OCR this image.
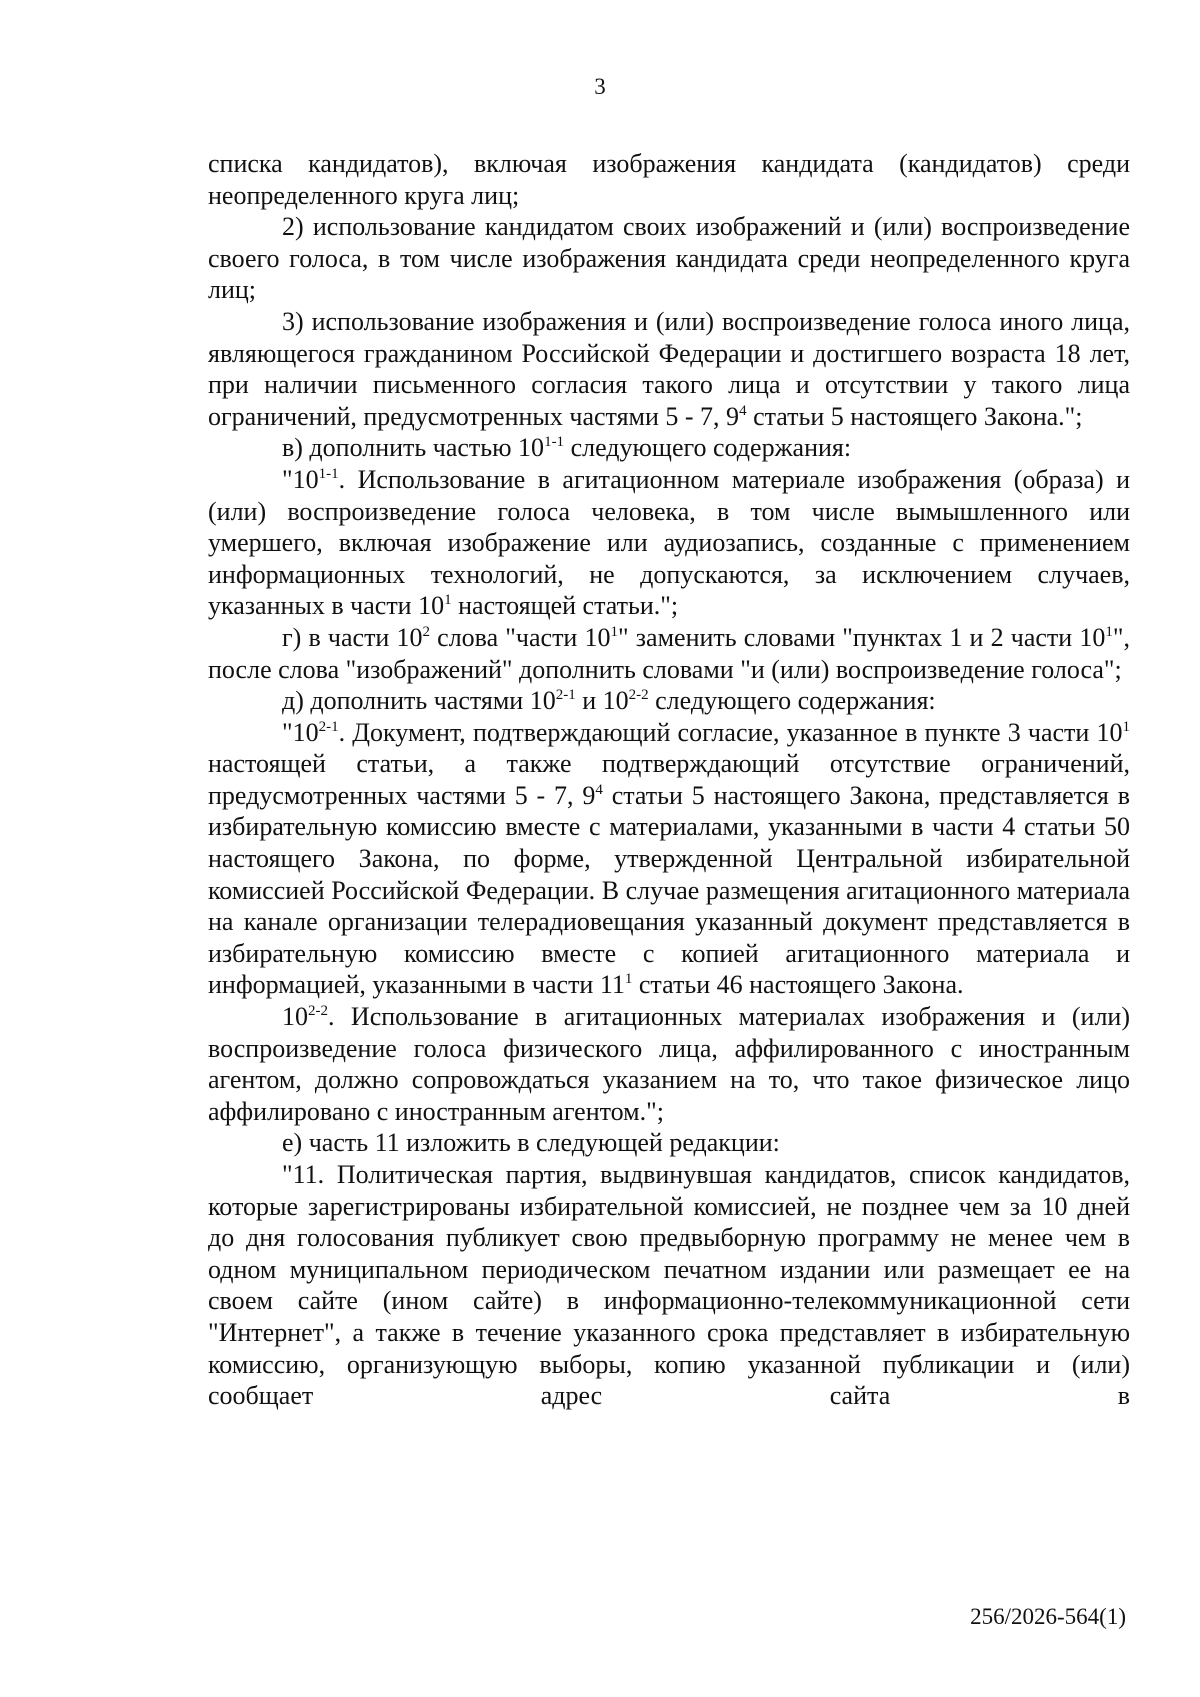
3

списка кандидатов), включая изображения кандидата (кандидатов) среди неопределенного круга лиц;

2) использование кандидатом своих изображений и (или) воспроизведение своего голоса, в том числе изображения кандидата среди неопределенного круга лиц;

3) использование изображения и (или) воспроизведение голоса иного лица, являющегося гражданином Российской Федерации и достигшего возраста 18 лет, при наличии письменного согласия такого лица и отсутствии у такого лица ограничений, предусмотренных частями 5 - 7, $9^4$ статьи 5 настоящего Закона.";

в) дополнить частью 10$^{1-1}$ следующего содержания:

"10$^{1-1}$. Использование в агитационном материале изображения (образа) и (или) воспроизведение голоса человека, в том числе вымышленного или умершего, включая изображение или аудиозапись, созданные с применением информационных технологий, не допускаются, за исключением случаев, указанных в части $10^1$ настоящей статьи.";

г) в части $10^2$ слова "части $10^1$" заменить словами "пунктах 1 и 2 части $10^1$", после слова "изображений" дополнить словами "и (или) воспроизведение голоса";

д) дополнить частями 10$^{2-1}$ и 10$^{2-2}$ следующего содержания:

"10$^{2-1}$. Документ, подтверждающий согласие, указанное в пункте 3 части $10^1$ настоящей статьи, а также подтверждающий отсутствие ограничений, предусмотренных частями 5 - 7, $9^4$ статьи 5 настоящего Закона, представляется в избирательную комиссию вместе с материалами, указанными в части 4 статьи 50 настоящего Закона, по форме, утвержденной Центральной избирательной комиссией Российской Федерации. В случае размещения агитационного материала на канале организации телерадиовещания указанный документ представляется в избирательную комиссию вместе с копией агитационного материала и информацией, указанными в части $11^1$ статьи 46 настоящего Закона.

10$^{2-2}$. Использование в агитационных материалах изображения и (или) воспроизведение голоса физического лица, аффилированного с иностранным агентом, должно сопровождаться указанием на то, что такое физическое лицо аффилировано с иностранным агентом.";

е) часть 11 изложить в следующей редакции:

"11. Политическая партия, выдвинувшая кандидатов, список кандидатов, которые зарегистрированы избирательной комиссией, не позднее чем за 10 дней до дня голосования публикует свою предвыборную программу не менее чем в одном муниципальном периодическом печатном издании или размещает ее на своем сайте (ином сайте) в информационно-телекоммуникационной сети "Интернет", а также в течение указанного срока представляет в избирательную комиссию, организующую выборы, копию указанной публикации и (или) сообщает адрес сайта в

256/2026-564(1)
